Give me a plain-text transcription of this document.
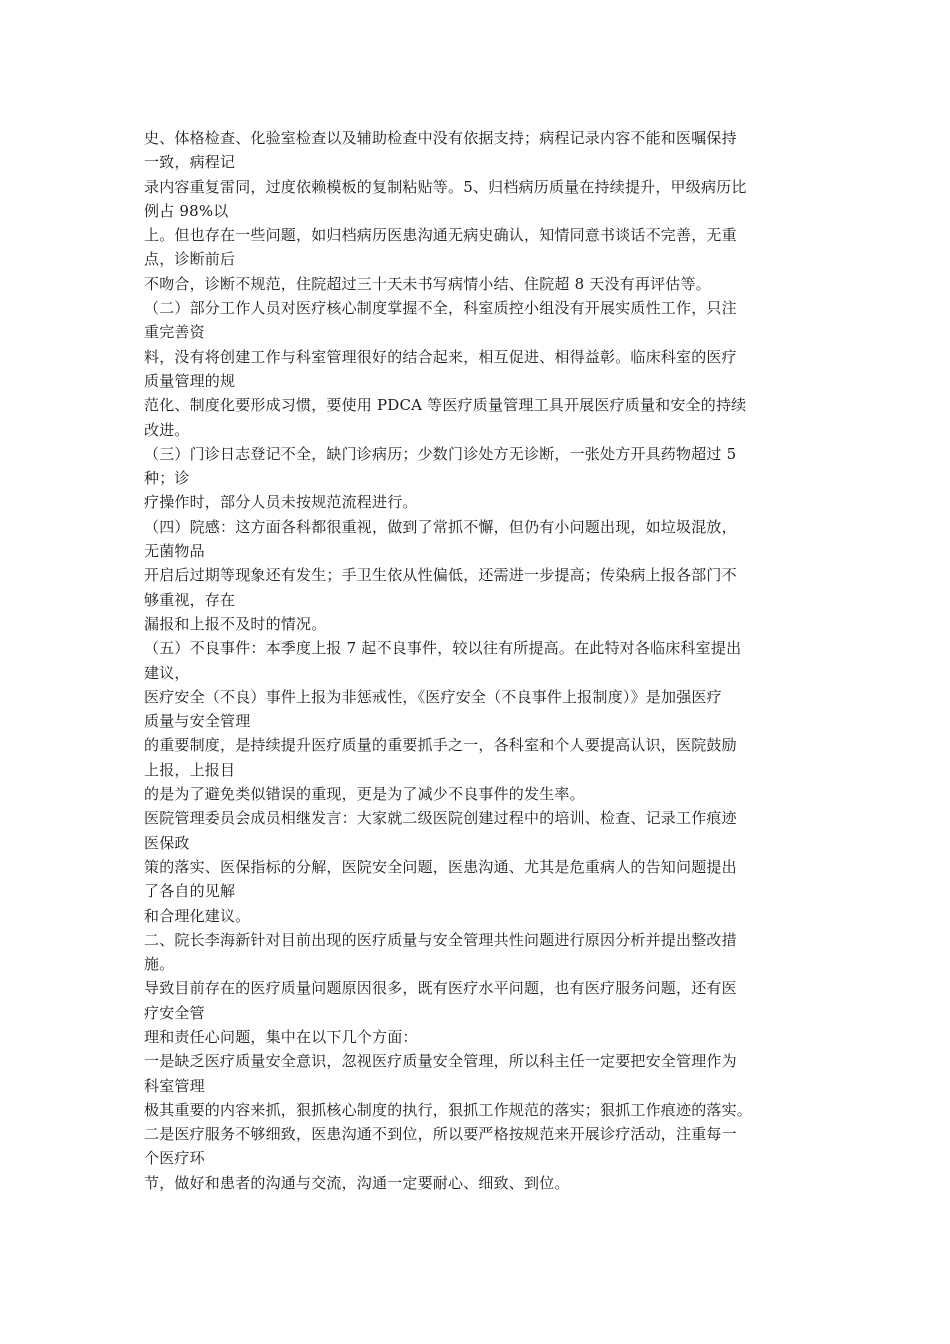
史、体格检查、化验室检查以及辅助检查中没有依据支持；病程记录内容不能和医嘱保持
一致，病程记
录内容重复雷同，过度依赖模板的复制粘贴等。5、归档病历质量在持续提升，甲级病历比
例占 98%以
上。但也存在一些问题，如归档病历医患沟通无病史确认，知情同意书谈话不完善，无重
点，诊断前后
不吻合，诊断不规范，住院超过三十天未书写病情小结、住院超 8 天没有再评估等。
（二）部分工作人员对医疗核心制度掌握不全，科室质控小组没有开展实质性工作，只注
重完善资
料，没有将创建工作与科室管理很好的结合起来，相互促进、相得益彰。临床科室的医疗
质量管理的规
范化、制度化要形成习惯，要使用 PDCA 等医疗质量管理工具开展医疗质量和安全的持续
改进。
（三）门诊日志登记不全，缺门诊病历；少数门诊处方无诊断，一张处方开具药物超过 5
种；诊
疗操作时，部分人员未按规范流程进行。
（四）院感：这方面各科都很重视，做到了常抓不懈，但仍有小问题出现，如垃圾混放，
无菌物品
开启后过期等现象还有发生；手卫生依从性偏低，还需进一步提高；传染病上报各部门不
够重视，存在
漏报和上报不及时的情况。
（五）不良事件：本季度上报 7 起不良事件，较以往有所提高。在此特对各临床科室提出
建议，
医疗安全（不良）事件上报为非惩戒性，《医疗安全（不良事件上报制度）》是加强医疗
质量与安全管理
的重要制度，是持续提升医疗质量的重要抓手之一，各科室和个人要提高认识，医院鼓励
上报，上报目
的是为了避免类似错误的重现，更是为了减少不良事件的发生率。
医院管理委员会成员相继发言：大家就二级医院创建过程中的培训、检查、记录工作痕迹
医保政
策的落实、医保指标的分解，医院安全问题，医患沟通、尤其是危重病人的告知问题提出
了各自的见解
和合理化建议。
二、院长李海新针对目前出现的医疗质量与安全管理共性问题进行原因分析并提出整改措
施。
导致目前存在的医疗质量问题原因很多，既有医疗水平问题，也有医疗服务问题，还有医
疗安全管
理和责任心问题，集中在以下几个方面：
一是缺乏医疗质量安全意识，忽视医疗质量安全管理，所以科主任一定要把安全管理作为
科室管理
极其重要的内容来抓，狠抓核心制度的执行，狠抓工作规范的落实；狠抓工作痕迹的落实。
二是医疗服务不够细致，医患沟通不到位，所以要严格按规范来开展诊疗活动，注重每一
个医疗环
节，做好和患者的沟通与交流，沟通一定要耐心、细致、到位。
